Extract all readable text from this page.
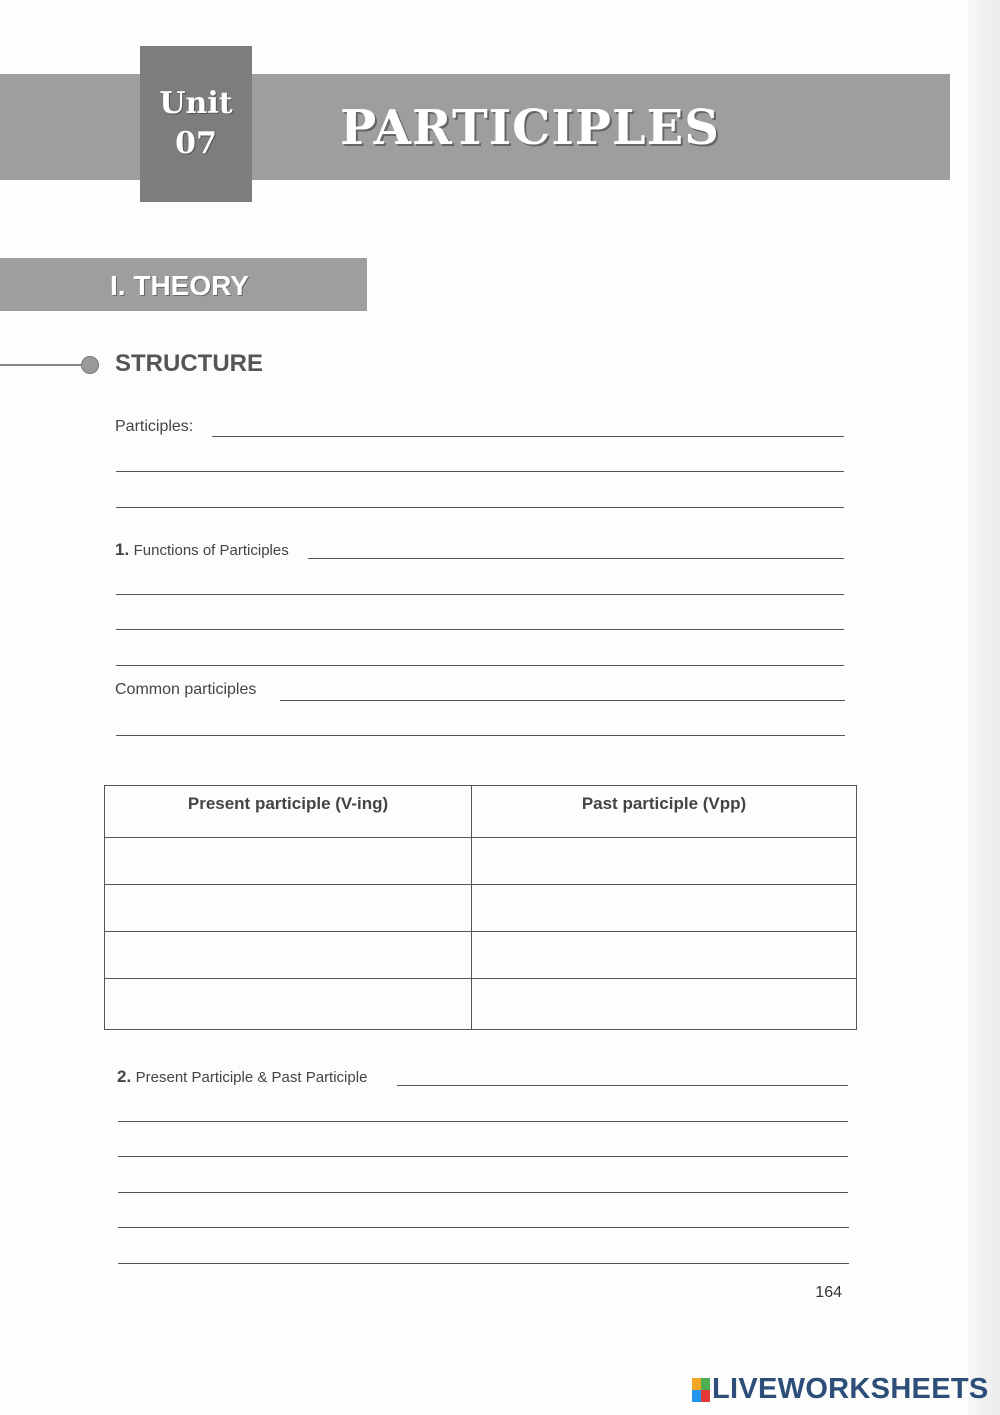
Unit
07	PARTICIPLES
I. THEORY
STRUCTURE
Participles:
1. Functions of Participles
Common participles
Present participle (V-ing)	Past participle (Vpp)

2. Present Participle & Past Participle
164
LIVEWORKSHEETS
